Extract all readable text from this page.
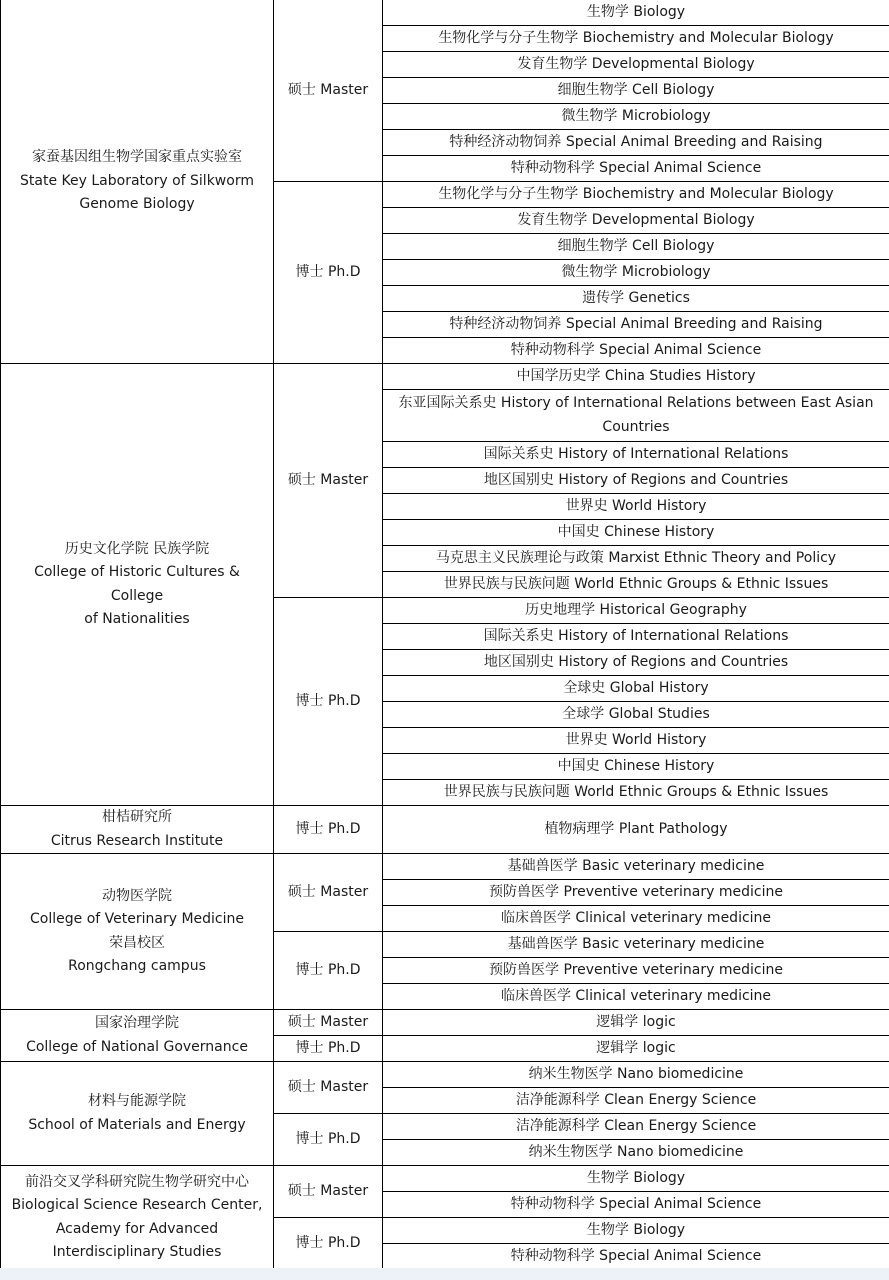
家蚕基因组生物学国家重点实验室
State Key Laboratory of Silkworm
Genome Biology	硕士 Master	生物学 Biology
		生物化学与分子生物学 Biochemistry and Molecular Biology
		发育生物学 Developmental Biology
		细胞生物学 Cell Biology
		微生物学 Microbiology
		特种经济动物饲养 Special Animal Breeding and Raising
		特种动物科学 Special Animal Science
	博士 Ph.D	生物化学与分子生物学 Biochemistry and Molecular Biology
		发育生物学 Developmental Biology
		细胞生物学 Cell Biology
		微生物学 Microbiology
		遗传学 Genetics
		特种经济动物饲养 Special Animal Breeding and Raising
		特种动物科学 Special Animal Science

历史文化学院 民族学院
College of Historic Cultures & College
of Nationalities	硕士 Master	中国学历史学 China Studies History
		东亚国际关系史 History of International Relations between East Asian Countries
		国际关系史 History of International Relations
		地区国别史 History of Regions and Countries
		世界史 World History
		中国史 Chinese History
		马克思主义民族理论与政策 Marxist Ethnic Theory and Policy
		世界民族与民族问题 World Ethnic Groups & Ethnic Issues
	博士 Ph.D	历史地理学 Historical Geography
		国际关系史 History of International Relations
		地区国别史 History of Regions and Countries
		全球史 Global History
		全球学 Global Studies
		世界史 World History
		中国史 Chinese History
		世界民族与民族问题 World Ethnic Groups & Ethnic Issues

柑桔研究所
Citrus Research Institute	博士 Ph.D	植物病理学 Plant Pathology

动物医学院
College of Veterinary Medicine
荣昌校区
Rongchang campus	硕士 Master	基础兽医学 Basic veterinary medicine
		预防兽医学 Preventive veterinary medicine
		临床兽医学 Clinical veterinary medicine
	博士 Ph.D	基础兽医学 Basic veterinary medicine
		预防兽医学 Preventive veterinary medicine
		临床兽医学 Clinical veterinary medicine

国家治理学院
College of National Governance	硕士 Master	逻辑学 logic
	博士 Ph.D	逻辑学 logic

材料与能源学院
School of Materials and Energy	硕士 Master	纳米生物医学 Nano biomedicine
		洁净能源科学 Clean Energy Science
	博士 Ph.D	洁净能源科学 Clean Energy Science
		纳米生物医学 Nano biomedicine

前沿交叉学科研究院生物学研究中心
Biological Science Research Center,
Academy for Advanced
Interdisciplinary Studies	硕士 Master	生物学 Biology
		特种动物科学 Special Animal Science
	博士 Ph.D	生物学 Biology
		特种动物科学 Special Animal Science
